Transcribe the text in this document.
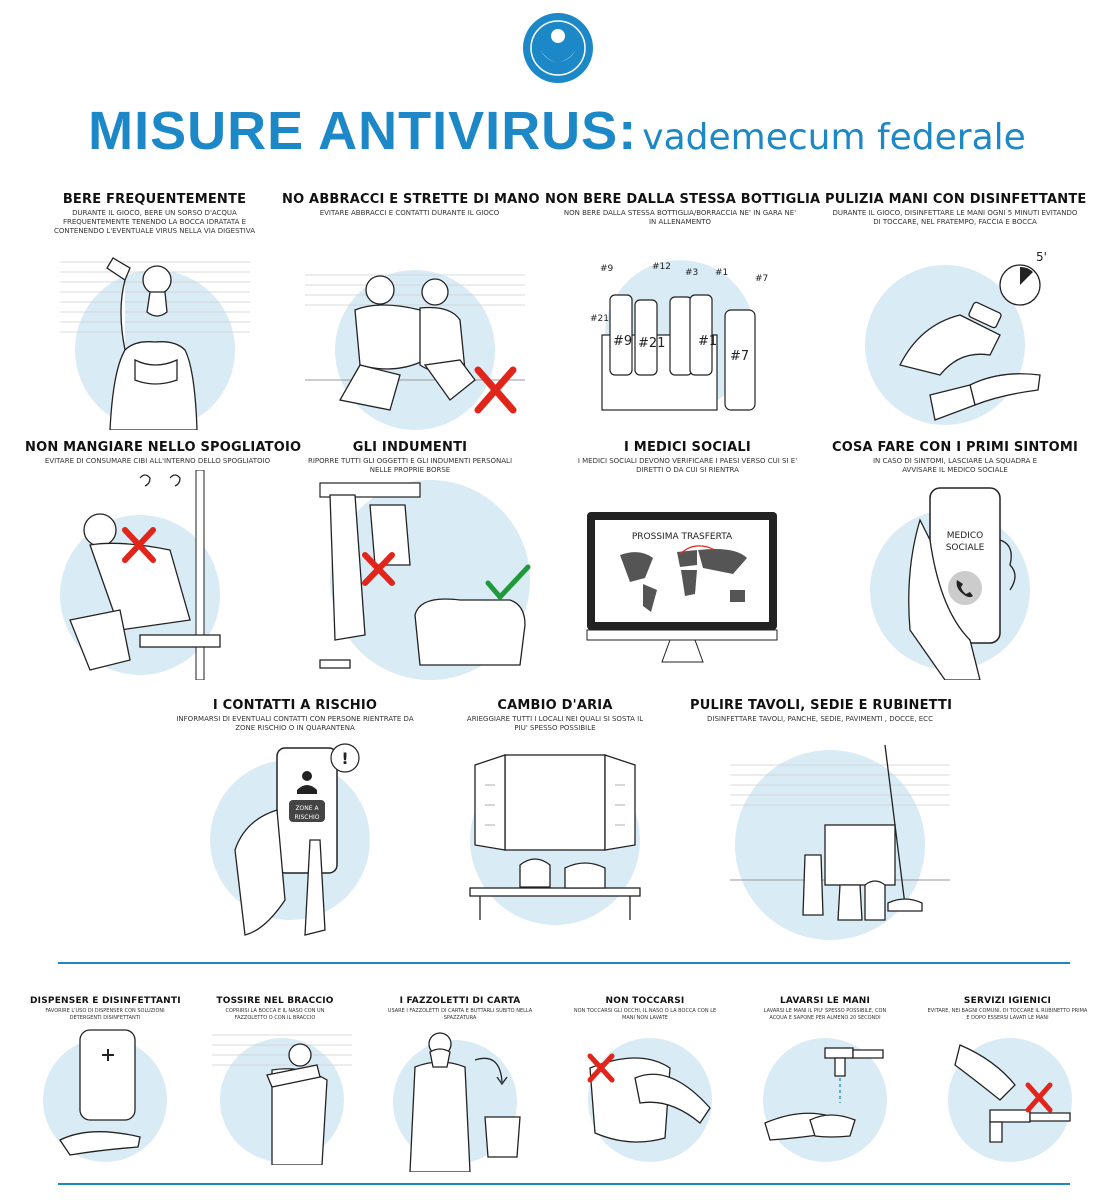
MISURE ANTIVIRUS: vademecum federale
BERE FREQUENTEMENTE

DURANTE IL GIOCO, BERE UN SORSO D'ACQUA FREQUENTEMENTE TENENDO LA BOCCA IDRATATA E CONTENENDO L'EVENTUALE VIRUS NELLA VIA DIGESTIVA

NO ABBRACCI E STRETTE DI MANO

EVITARE ABBRACCI E CONTATTI DURANTE IL GIOCO

NON BERE DALLA STESSA BOTTIGLIA

NON BERE DALLA STESSA BOTTIGLIA/BORRACCIA NE' IN GARA NE' IN ALLENAMENTO

#9	#12
#3 #1
#7
#21
#9 #21	#1
#7
PULIZIA MANI CON DISINFETTANTE

DURANTE IL GIOCO, DISINFETTARE LE MANI OGNI 5 MINUTI EVITANDO DI TOCCARE, NEL FRATEMPO, FACCIA E BOCCA

5'
NON MANGIARE NELLO SPOGLIATOIO

EVITARE DI CONSUMARE CIBI ALL'INTERNO DELLO SPOGLIATOIO

GLI INDUMENTI

RIPORRE TUTTI GLI OGGETTI E GLI INDUMENTI PERSONALI NELLE PROPRIE BORSE

I MEDICI SOCIALI

I MEDICI SOCIALI DEVONO VERIFICARE I PAESI VERSO CUI SI E' DIRETTI O DA CUI SI RIENTRA

PROSSIMA TRASFERTA
COSA FARE CON I PRIMI SINTOMI

IN CASO DI SINTOMI, LASCIARE LA SQUADRA E AVVISARE IL MEDICO SOCIALE

MEDICO
SOCIALE
I CONTATTI A RISCHIO

INFORMARSI DI EVENTUALI CONTATTI CON PERSONE RIENTRATE DA ZONE RISCHIO O IN QUARANTENA

ZONE A
RISCHIO
!
CAMBIO D'ARIA

ARIEGGIARE TUTTI I LOCALI NEI QUALI SI SOSTA IL PIU' SPESSO POSSIBILE

PULIRE TAVOLI, SEDIE E RUBINETTI

DISINFETTARE TAVOLI, PANCHE, SEDIE, PAVIMENTI , DOCCE, ECC

DISPENSER E DISINFETTANTI

FAVORIRE L'USO DI DISPENSER CON SOLUZIONI DETERGENTI DISINFETTANTI

TOSSIRE NEL BRACCIO

COPRIRSI LA BOCCA E IL NASO CON UN FAZZOLETTO O CON IL BRACCIO

I FAZZOLETTI DI CARTA

USARE I FAZZOLETTI DI CARTA E BUTTARLI SUBITO NELLA SPAZZATURA

NON TOCCARSI

NON TOCCARSI GLI OCCHI, IL NASO O LA BOCCA CON LE MANI NON LAVATE

LAVARSI LE MANI

LAVARSI LE MANI IL PIU' SPESSO POSSIBILE, CON ACQUA E SAPONE PER ALMENO 20 SECONDI

SERVIZI IGIENICI

EVITARE, NEI BAGNI COMUNI, DI TOCCARE IL RUBINETTO PRIMA E DOPO ESSERSI LAVATI LE MANI
